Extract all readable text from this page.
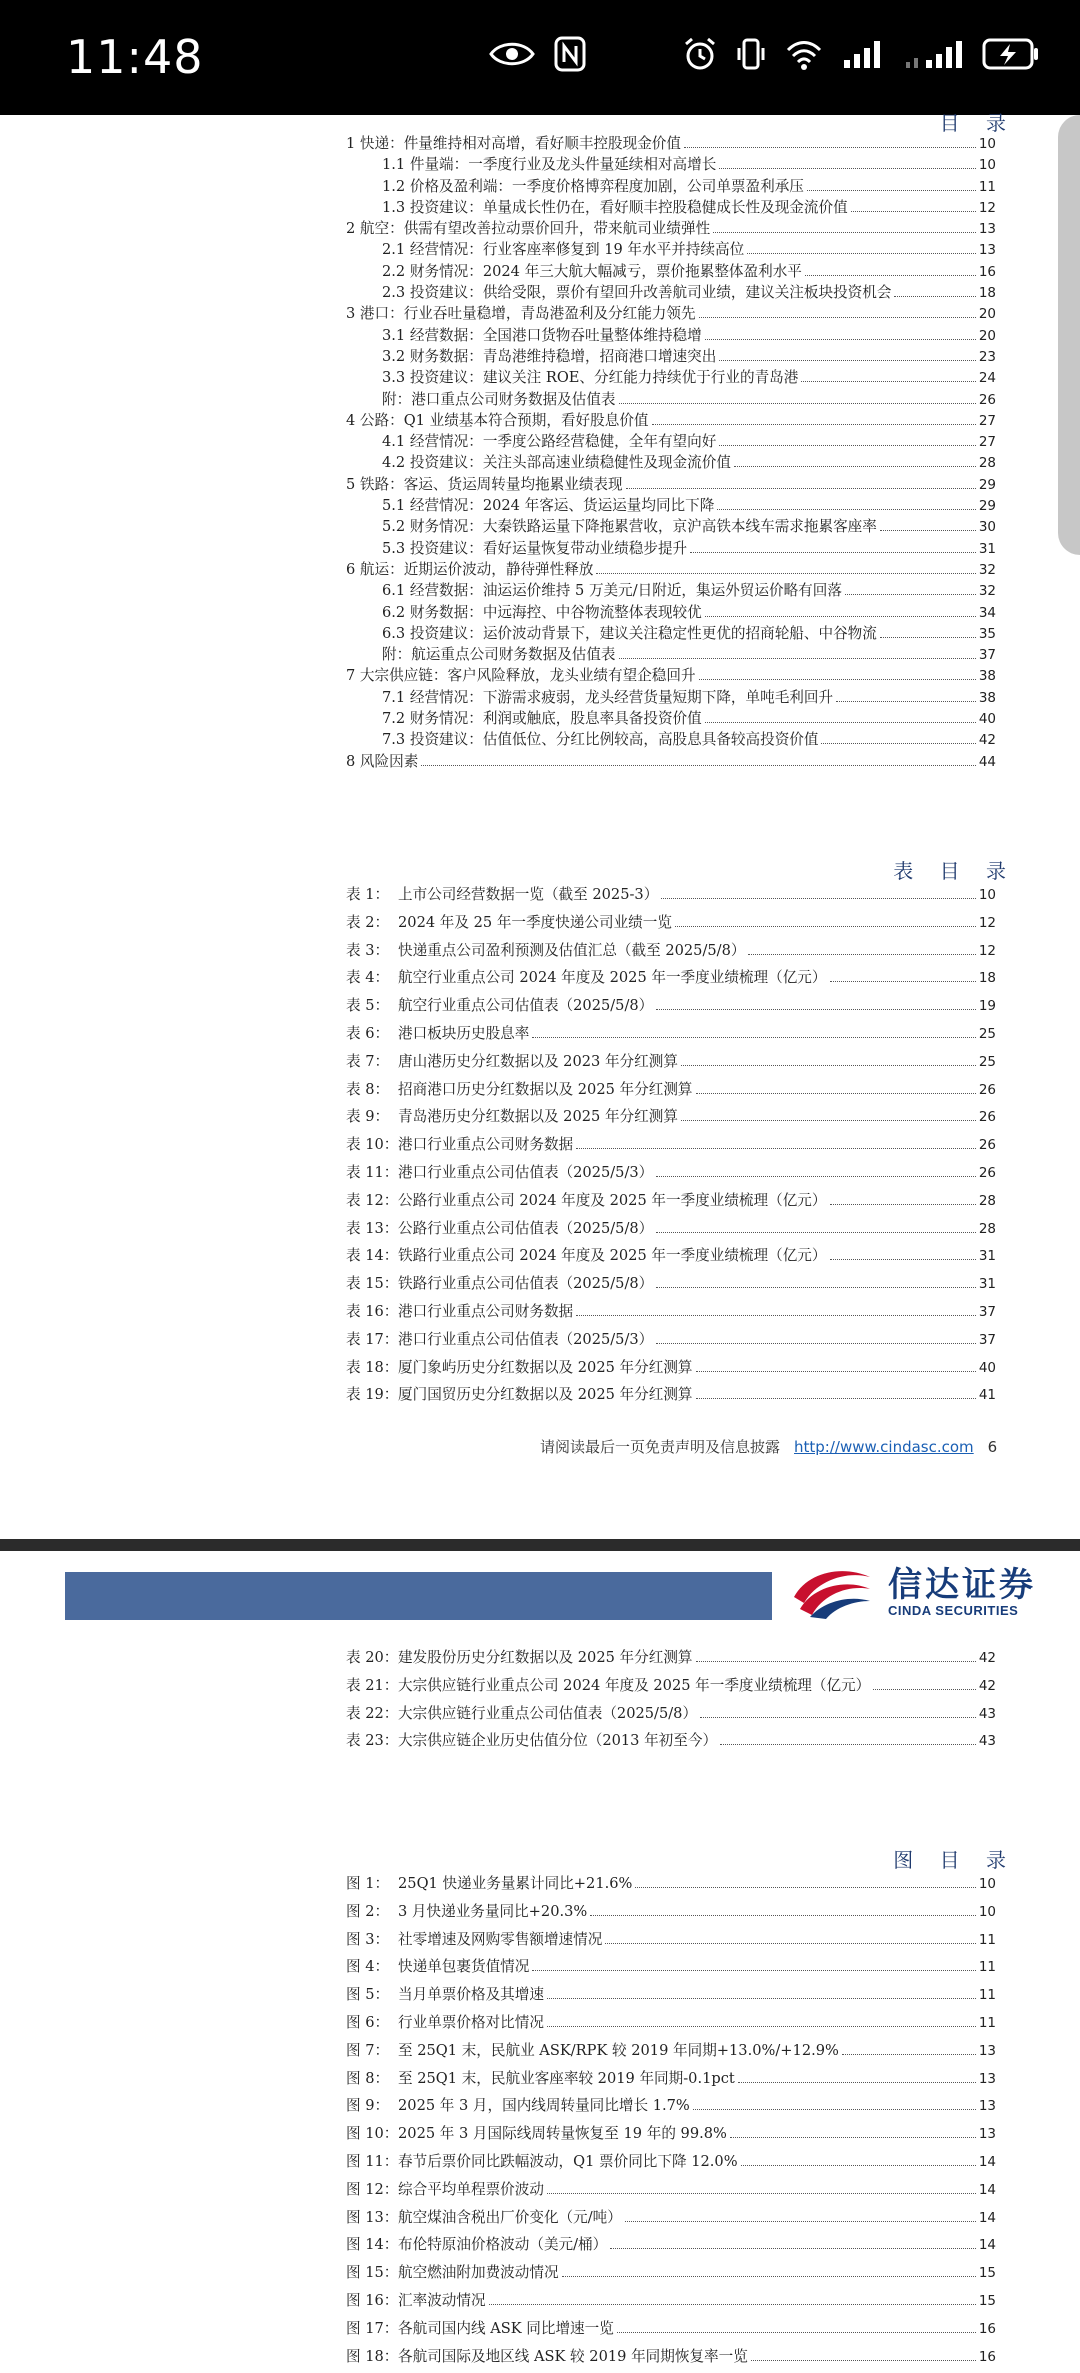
11:48
目 录
1 快递：件量维持相对高增，看好顺丰控股现金价值	10
1.1 件量端：一季度行业及龙头件量延续相对高增长	10
1.2 价格及盈利端：一季度价格博弈程度加剧，公司单票盈利承压	11
1.3 投资建议：单量成长性仍在，看好顺丰控股稳健成长性及现金流价值	12
2 航空：供需有望改善拉动票价回升，带来航司业绩弹性	13
2.1 经营情况：行业客座率修复到 19 年水平并持续高位	13
2.2 财务情况：2024 年三大航大幅减亏，票价拖累整体盈利水平	16
2.3 投资建议：供给受限，票价有望回升改善航司业绩，建议关注板块投资机会	18
3 港口：行业吞吐量稳增，青岛港盈利及分红能力领先	20
3.1 经营数据：全国港口货物吞吐量整体维持稳增	20
3.2 财务数据：青岛港维持稳增，招商港口增速突出	23
3.3 投资建议：建议关注 ROE、分红能力持续优于行业的青岛港	24
附：港口重点公司财务数据及估值表	26
4 公路：Q1 业绩基本符合预期，看好股息价值	27
4.1 经营情况：一季度公路经营稳健，全年有望向好	27
4.2 投资建议：关注头部高速业绩稳健性及现金流价值	28
5 铁路：客运、货运周转量均拖累业绩表现	29
5.1 经营情况：2024 年客运、货运运量均同比下降	29
5.2 财务情况：大秦铁路运量下降拖累营收，京沪高铁本线车需求拖累客座率	30
5.3 投资建议：看好运量恢复带动业绩稳步提升	31
6 航运：近期运价波动，静待弹性释放	32
6.1 经营数据：油运运价维持 5 万美元/日附近，集运外贸运价略有回落	32
6.2 财务数据：中远海控、中谷物流整体表现较优	34
6.3 投资建议：运价波动背景下，建议关注稳定性更优的招商轮船、中谷物流	35
附：航运重点公司财务数据及估值表	37
7 大宗供应链：客户风险释放，龙头业绩有望企稳回升	38
7.1 经营情况：下游需求疲弱，龙头经营货量短期下降，单吨毛利回升	38
7.2 财务情况：利润或触底，股息率具备投资价值	40
7.3 投资建议：估值低位、分红比例较高，高股息具备较高投资价值	42
8 风险因素	44
表 目 录
表 1： 上市公司经营数据一览（截至 2025-3）	10
表 2： 2024 年及 25 年一季度快递公司业绩一览	12
表 3： 快递重点公司盈利预测及估值汇总（截至 2025/5/8）	12
表 4： 航空行业重点公司 2024 年度及 2025 年一季度业绩梳理（亿元）	18
表 5： 航空行业重点公司估值表（2025/5/8）	19
表 6： 港口板块历史股息率	25
表 7： 唐山港历史分红数据以及 2023 年分红测算	25
表 8： 招商港口历史分红数据以及 2025 年分红测算	26
表 9： 青岛港历史分红数据以及 2025 年分红测算	26
表 10： 港口行业重点公司财务数据	26
表 11： 港口行业重点公司估值表（2025/5/3）	26
表 12： 公路行业重点公司 2024 年度及 2025 年一季度业绩梳理（亿元）	28
表 13： 公路行业重点公司估值表（2025/5/8）	28
表 14： 铁路行业重点公司 2024 年度及 2025 年一季度业绩梳理（亿元）	31
表 15： 铁路行业重点公司估值表（2025/5/8）	31
表 16： 港口行业重点公司财务数据	37
表 17： 港口行业重点公司估值表（2025/5/3）	37
表 18： 厦门象屿历史分红数据以及 2025 年分红测算	40
表 19： 厦门国贸历史分红数据以及 2025 年分红测算	41
请阅读最后一页免责声明及信息披露 http://www.cindasc.com 6
信达证券
CINDA SECURITIES
表 20： 建发股份历史分红数据以及 2025 年分红测算	42
表 21： 大宗供应链行业重点公司 2024 年度及 2025 年一季度业绩梳理（亿元）	42
表 22： 大宗供应链行业重点公司估值表（2025/5/8）	43
表 23： 大宗供应链企业历史估值分位（2013 年初至今）	43
图 目 录
图 1： 25Q1 快递业务量累计同比+21.6%	10
图 2： 3 月快递业务量同比+20.3%	10
图 3： 社零增速及网购零售额增速情况	11
图 4： 快递单包裹货值情况	11
图 5： 当月单票价格及其增速	11
图 6： 行业单票价格对比情况	11
图 7： 至 25Q1 末，民航业 ASK/RPK 较 2019 年同期+13.0%/+12.9%	13
图 8： 至 25Q1 末，民航业客座率较 2019 年同期-0.1pct	13
图 9： 2025 年 3 月，国内线周转量同比增长 1.7%	13
图 10： 2025 年 3 月国际线周转量恢复至 19 年的 99.8%	13
图 11： 春节后票价同比跌幅波动，Q1 票价同比下降 12.0%	14
图 12： 综合平均单程票价波动	14
图 13： 航空煤油含税出厂价变化（元/吨）	14
图 14： 布伦特原油价格波动（美元/桶）	14
图 15： 航空燃油附加费波动情况	15
图 16： 汇率波动情况	15
图 17： 各航司国内线 ASK 同比增速一览	16
图 18： 各航司国际及地区线 ASK 较 2019 年同期恢复率一览	16
